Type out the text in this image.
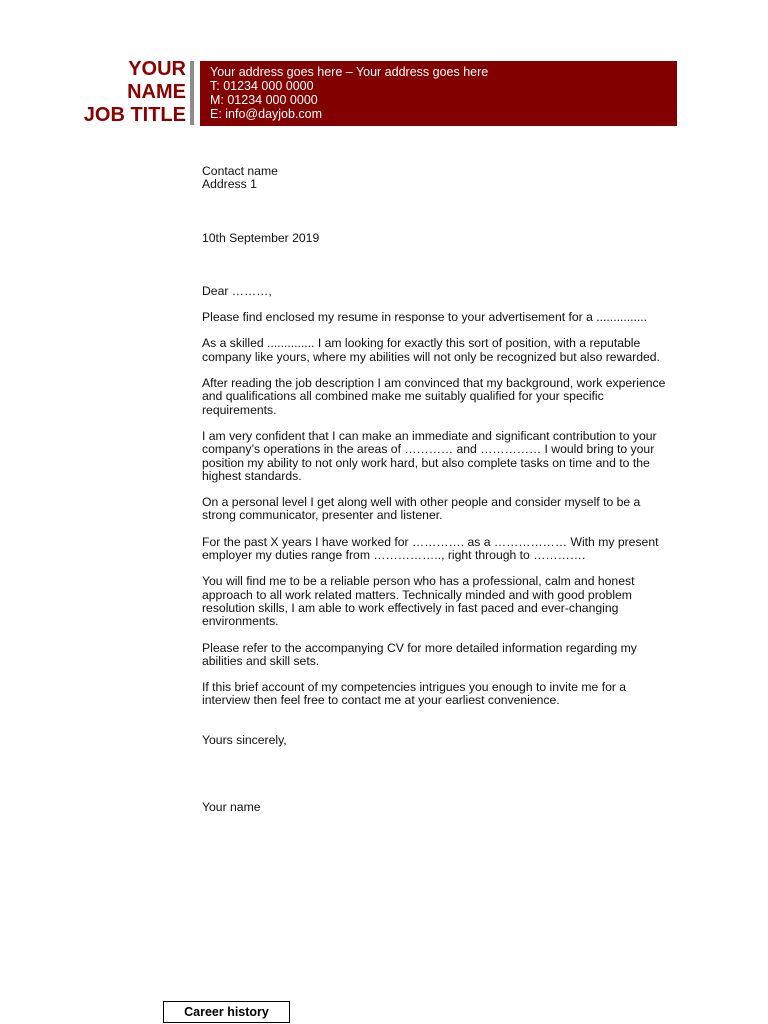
YOUR
NAME
JOB TITLE
Your address goes here – Your address goes here
T: 01234 000 0000
M: 01234 000 0000
E: info@dayjob.com

Contact name

Address 1

10th September 2019

Dear ………,

Please find enclosed my resume in response to your advertisement for a ...............

As a skilled .............. I am looking for exactly this sort of position, with a reputable company like yours, where my abilities will not only be recognized but also rewarded.

After reading the job description I am convinced that my background, work experience and qualifications all combined make me suitably qualified for your specific requirements.

I am very confident that I can make an immediate and significant contribution to your company’s operations in the areas of ………… and …………… I would bring to your position my ability to not only work hard, but also complete tasks on time and to the highest standards.

On a personal level I get along well with other people and consider myself to be a strong communicator, presenter and listener.

For the past X years I have worked for …………. as a ……………… With my present employer my duties range from …………….., right through to ………….

You will find me to be a reliable person who has a professional, calm and honest approach to all work related matters. Technically minded and with good problem resolution skills, I am able to work effectively in fast paced and ever-changing environments.

Please refer to the accompanying CV for more detailed information regarding my abilities and skill sets.

If this brief account of my competencies intrigues you enough to invite me for a interview then feel free to contact me at your earliest convenience.

Yours sincerely,

Your name

Career history
